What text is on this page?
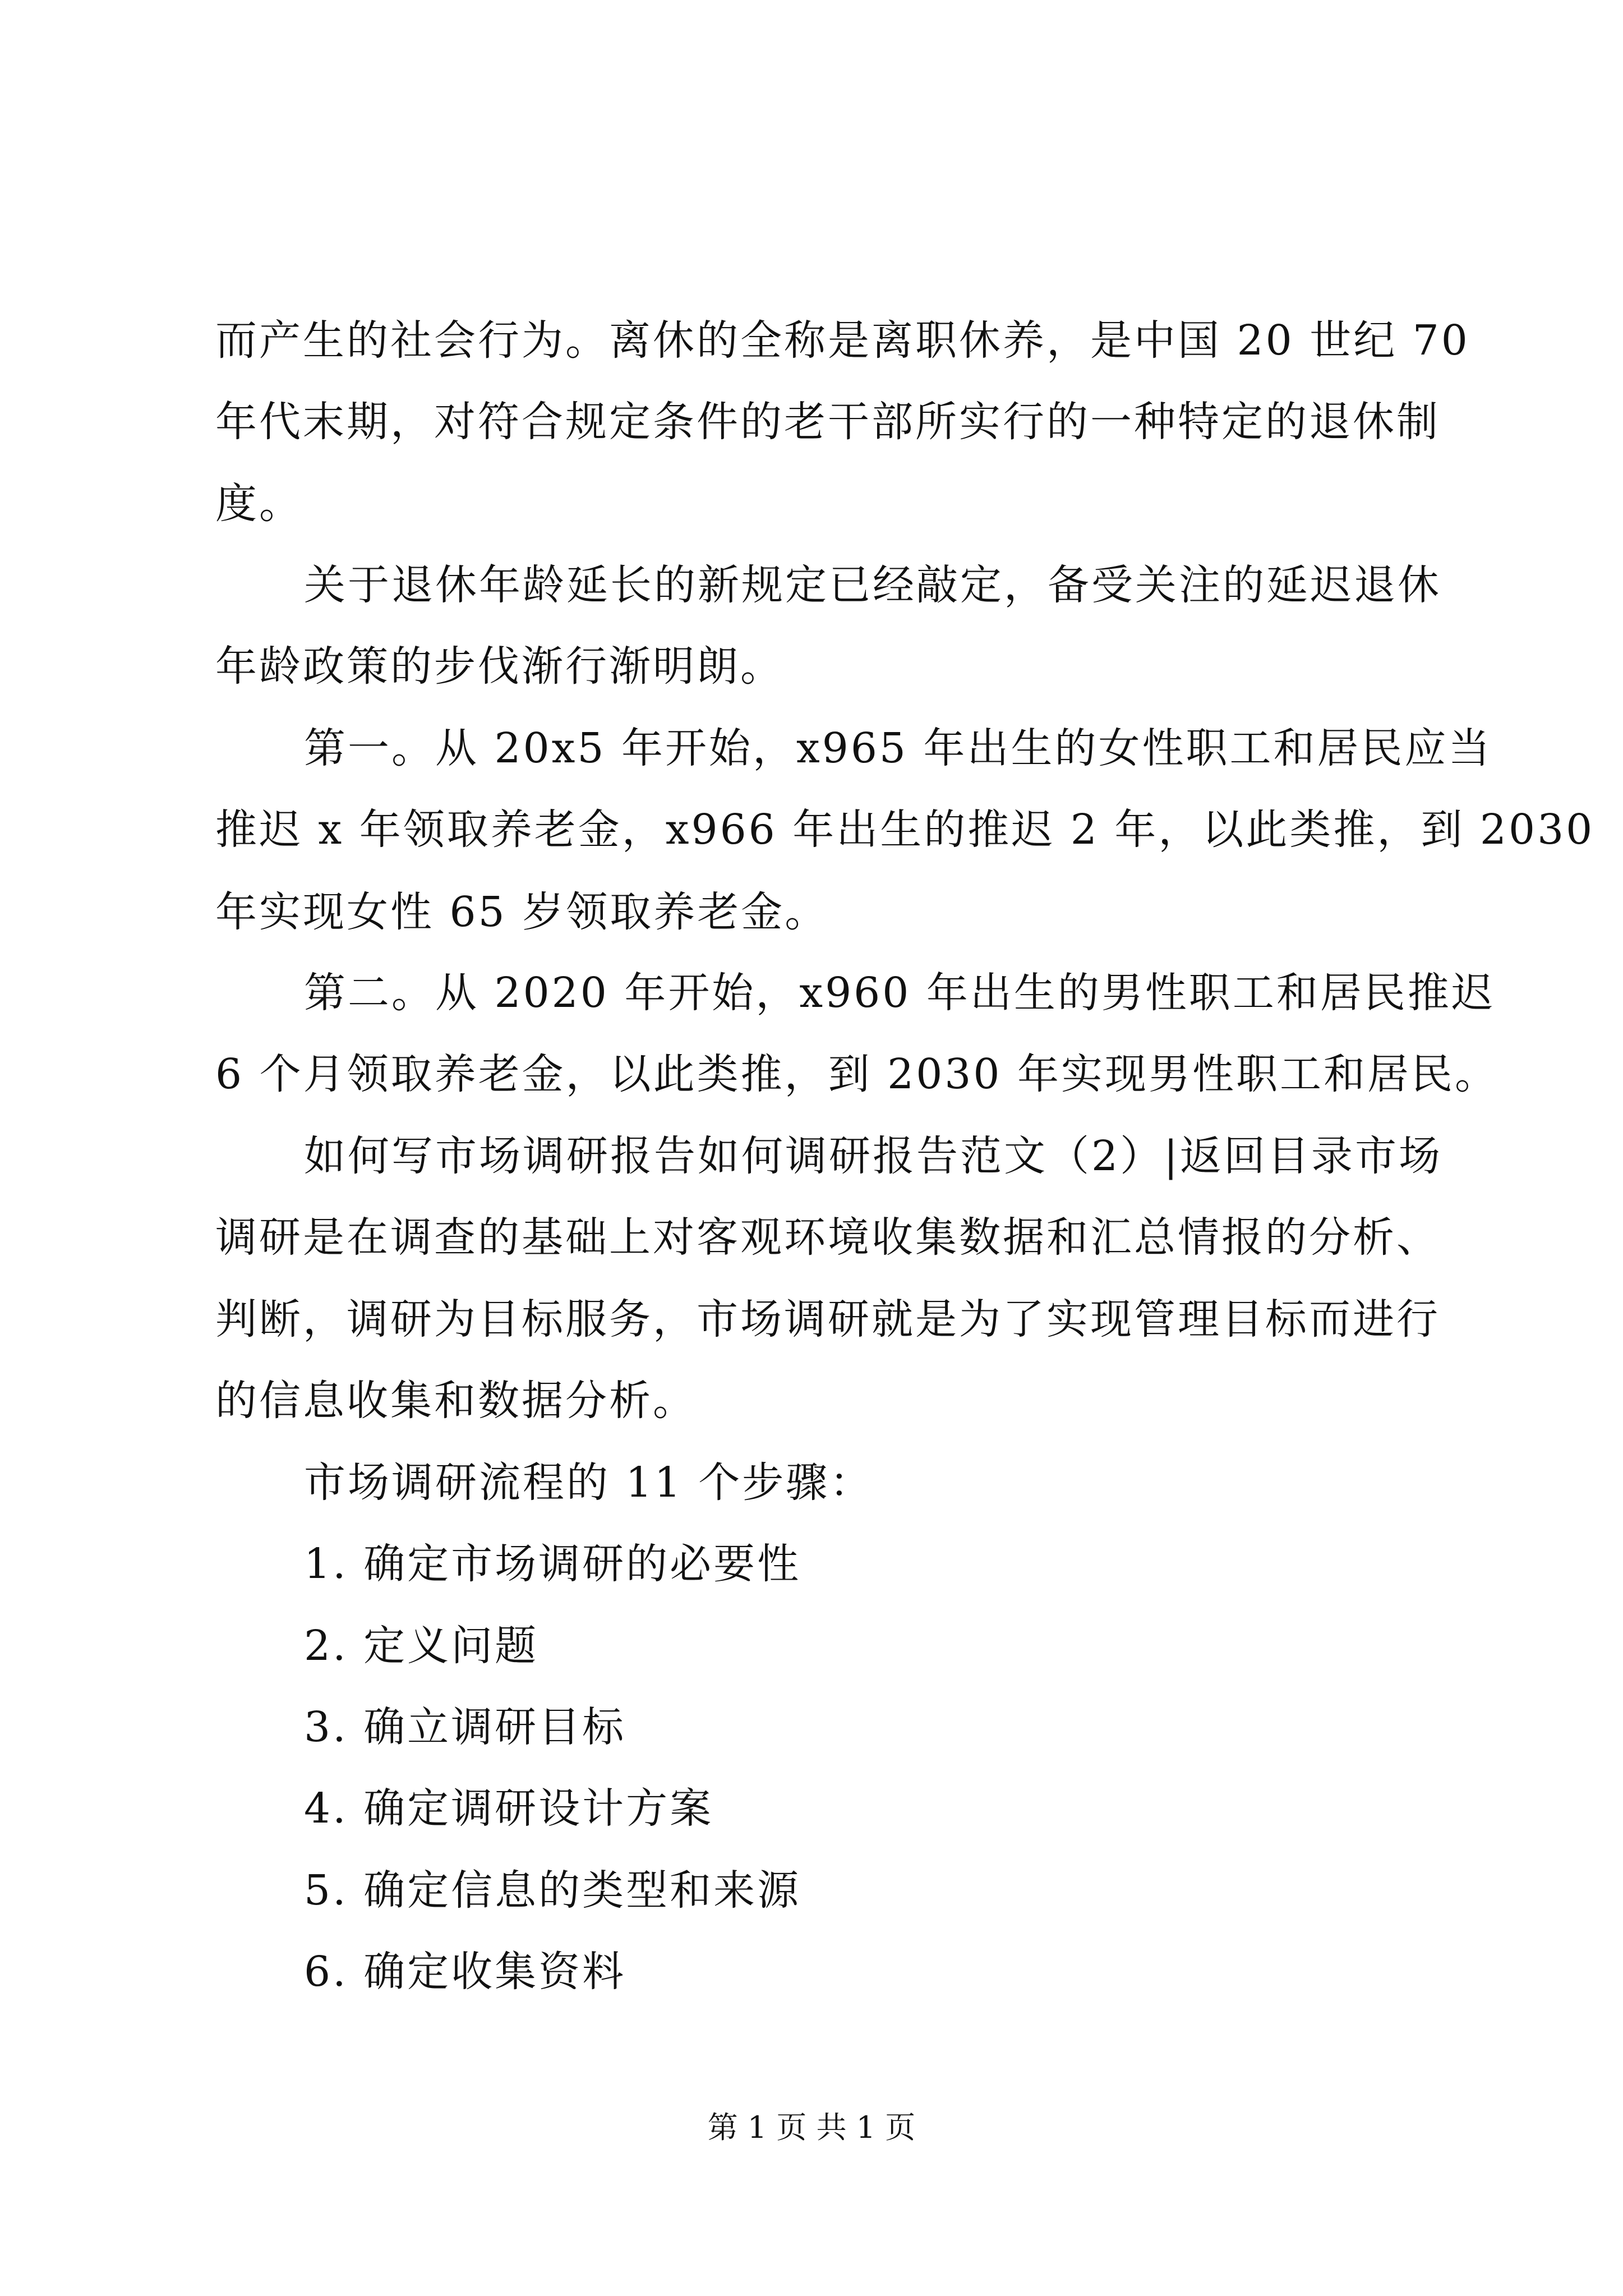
而产生的社会行为。离休的全称是离职休养，是中国 20 世纪 70
年代末期，对符合规定条件的老干部所实行的一种特定的退休制
度。
关于退休年龄延长的新规定已经敲定，备受关注的延迟退休
年龄政策的步伐渐行渐明朗。
第一。从 20x5 年开始，x965 年出生的女性职工和居民应当
推迟 x 年领取养老金，x966 年出生的推迟 2 年，以此类推，到 2030
年实现女性 65 岁领取养老金。
第二。从 2020 年开始，x960 年出生的男性职工和居民推迟
6 个月领取养老金，以此类推，到 2030 年实现男性职工和居民。
如何写市场调研报告如何调研报告范文（2）|返回目录市场
调研是在调查的基础上对客观环境收集数据和汇总情报的分析、
判断，调研为目标服务，市场调研就是为了实现管理目标而进行
的信息收集和数据分析。
市场调研流程的 11 个步骤：
1. 确定市场调研的必要性
2. 定义问题
3. 确立调研目标
4. 确定调研设计方案
5. 确定信息的类型和来源
6. 确定收集资料
第 1 页 共 1 页
